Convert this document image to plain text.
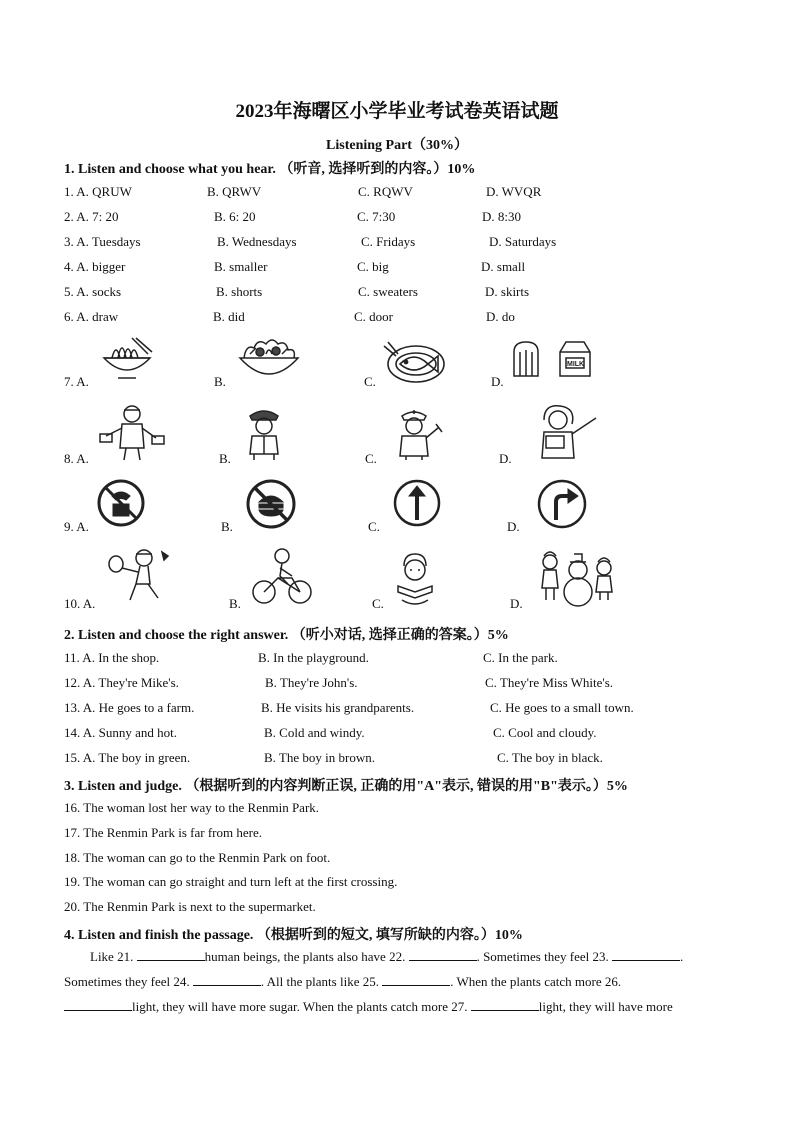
2023年海曙区小学毕业考试卷英语试题
Listening Part（30%）
1. Listen and choose what you hear. （听音, 选择听到的内容。）10%
1. A. QRUW	B. QRWV	C. RQWV	D. WVQR
2. A. 7: 20	B. 6: 20	C. 7:30	D. 8:30
3. A. Tuesdays	B. Wednesdays	C. Fridays	D. Saturdays
4. A. bigger	B. smaller	C. big	D. small
5. A. socks	B. shorts	C. sweaters	D. skirts
6. A. draw	B. did	C. door	D. do
7. A.	B.	C.	D.
MILK
8. A.	B.	C.	D.
9. A.	B.	C.	D.
10. A.	B.	C.	D.
2. Listen and choose the right answer. （听小对话, 选择正确的答案。）5%
11. A. In the shop.	B. In the playground.	C. In the park.
12. A. They're Mike's.	B. They're John's.	C. They're Miss White's.
13. A. He goes to a farm.	B. He visits his grandparents.	C. He goes to a small town.
14. A. Sunny and hot.	B. Cold and windy.	C. Cool and cloudy.
15. A. The boy in green.	B. The boy in brown.	C. The boy in black.
3. Listen and judge. （根据听到的内容判断正误, 正确的用"A"表示, 错误的用"B"表示。）5%
16. The woman lost her way to the Renmin Park.
17. The Renmin Park is far from here.
18. The woman can go to the Renmin Park on foot.
19. The woman can go straight and turn left at the first crossing.
20. The Renmin Park is next to the supermarket.
4. Listen and finish the passage. （根据听到的短文, 填写所缺的内容。）10%
Like 21.	human beings, the plants also have 22.	. Sometimes they feel 23.	.
Sometimes they feel 24.	. All the plants like 25.	. When the plants catch more 26.
light, they will have more sugar. When the plants catch more 27.	light, they will have more
